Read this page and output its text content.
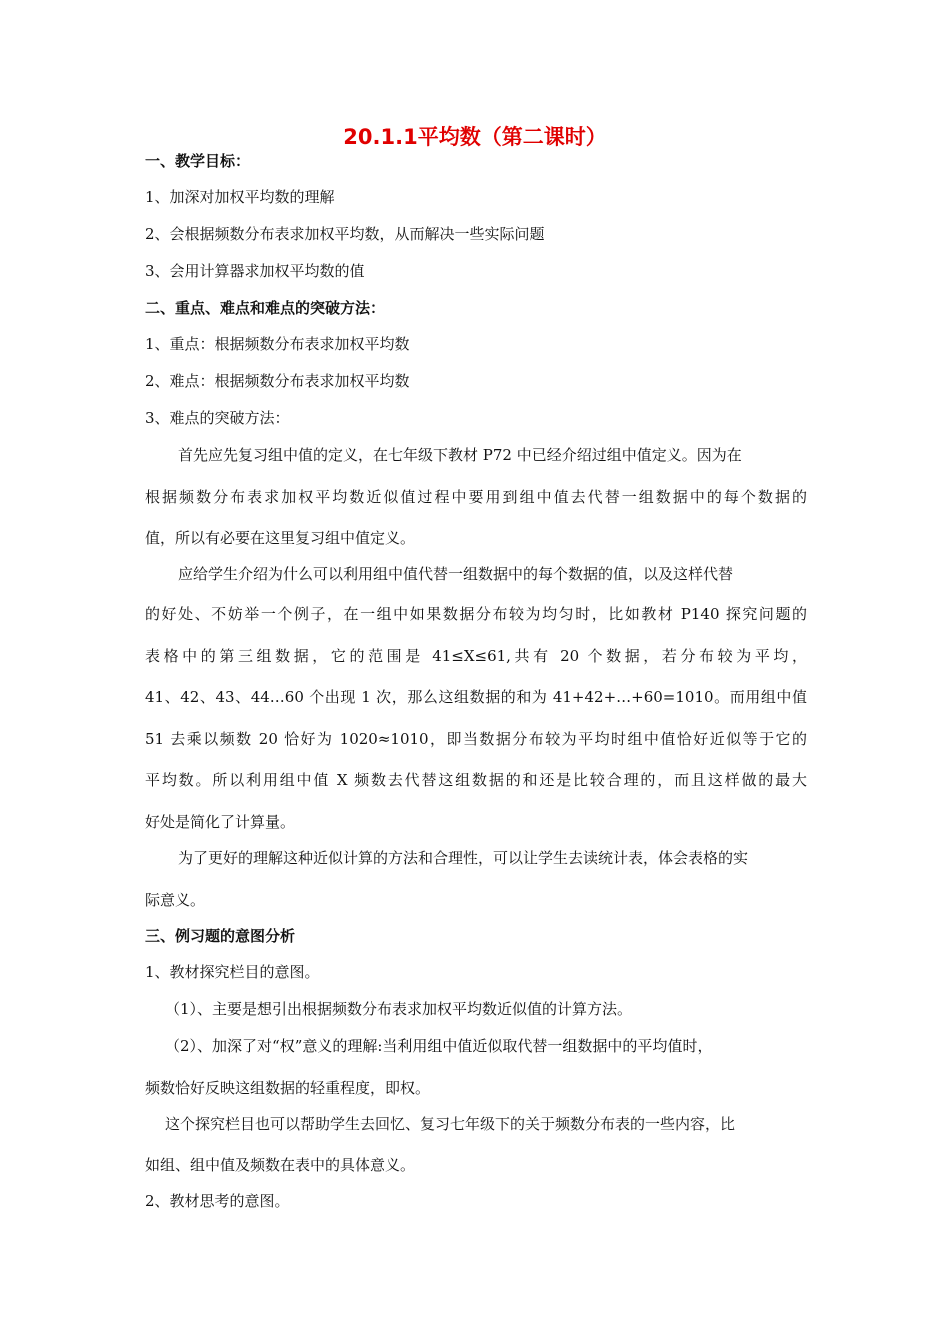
20.1.1平均数（第二课时）
一、教学目标：
1、加深对加权平均数的理解
2、会根据频数分布表求加权平均数，从而解决一些实际问题
3、会用计算器求加权平均数的值
二、重点、难点和难点的突破方法：
1、重点：根据频数分布表求加权平均数
2、难点：根据频数分布表求加权平均数
3、难点的突破方法：
首先应先复习组中值的定义，在七年级下教材 P72 中已经介绍过组中值定义。因为在
根据频数分布表求加权平均数近似值过程中要用到组中值去代替一组数据中的每个数据的
值，所以有必要在这里复习组中值定义。
应给学生介绍为什么可以利用组中值代替一组数据中的每个数据的值，以及这样代替
的好处、不妨举一个例子，在一组中如果数据分布较为均匀时，比如教材 P140 探究问题的
表格中的第三组数据，它的范围是 41≤X≤61,共有 20 个数据，若分布较为平均，
41、42、43、44…60 个出现 1 次，那么这组数据的和为 41+42+…+60=1010。而用组中值
51 去乘以频数 20 恰好为 1020≈1010，即当数据分布较为平均时组中值恰好近似等于它的
平均数。所以利用组中值 X 频数去代替这组数据的和还是比较合理的，而且这样做的最大
好处是简化了计算量。
为了更好的理解这种近似计算的方法和合理性，可以让学生去读统计表，体会表格的实
际意义。
三、例习题的意图分析
1、教材探究栏目的意图。
（1）、主要是想引出根据频数分布表求加权平均数近似值的计算方法。
（2）、加深了对“权”意义的理解:当利用组中值近似取代替一组数据中的平均值时，
频数恰好反映这组数据的轻重程度，即权。
这个探究栏目也可以帮助学生去回忆、复习七年级下的关于频数分布表的一些内容，比
如组、组中值及频数在表中的具体意义。
2、教材思考的意图。
